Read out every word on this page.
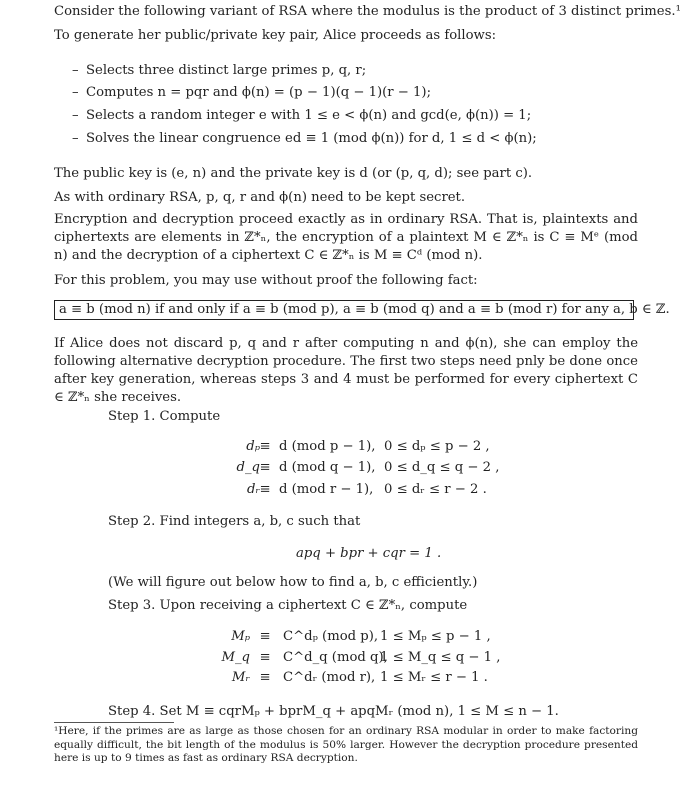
Consider the following variant of RSA where the modulus is the product of 3 distinct primes.¹
To generate her public/private key pair, Alice proceeds as follows:
– Selects three distinct large primes p, q, r;
– Computes n = pqr and ϕ(n) = (p − 1)(q − 1)(r − 1);
– Selects a random integer e with 1 ≤ e < ϕ(n) and gcd(e, ϕ(n)) = 1;
– Solves the linear congruence ed ≡ 1 (mod ϕ(n)) for d, 1 ≤ d < ϕ(n);
The public key is (e, n) and the private key is d (or (p, q, d); see part c).
As with ordinary RSA, p, q, r and ϕ(n) need to be kept secret.
Encryption and decryption proceed exactly as in ordinary RSA. That is, plaintexts and ciphertexts are elements in ℤ*ₙ, the encryption of a plaintext M ∈ ℤ*ₙ is C ≡ Mᵉ (mod n) and the decryption of a ciphertext C ∈ ℤ*ₙ is M ≡ Cᵈ (mod n).
For this problem, you may use without proof the following fact:
a ≡ b (mod n) if and only if a ≡ b (mod p), a ≡ b (mod q) and a ≡ b (mod r) for any a, b ∈ ℤ.
If Alice does not discard p, q and r after computing n and ϕ(n), she can employ the following alternative decryption procedure. The first two steps need pnly be done once after key generation, whereas steps 3 and 4 must be performed for every ciphertext C ∈ ℤ*ₙ she receives.
Step 1. Compute
dₚ ≡ d (mod p − 1), 0 ≤ dₚ ≤ p − 2 ,
d_q ≡ d (mod q − 1), 0 ≤ d_q ≤ q − 2 ,
dᵣ ≡ d (mod r − 1), 0 ≤ dᵣ ≤ r − 2 .
Step 2. Find integers a, b, c such that
apq + bpr + cqr = 1 .
(We will figure out below how to find a, b, c efficiently.)
Step 3. Upon receiving a ciphertext C ∈ ℤ*ₙ, compute
Mₚ ≡ C^dₚ (mod p), 1 ≤ Mₚ ≤ p − 1 ,
M_q ≡ C^d_q (mod q),
1 ≤ M_q ≤ q − 1 ,
Mᵣ ≡ C^dᵣ (mod r), 1 ≤ Mᵣ ≤ r − 1 .
Step 4. Set M ≡ cqrMₚ + bprM_q + apqMᵣ (mod n), 1 ≤ M ≤ n − 1.
¹Here, if the primes are as large as those chosen for an ordinary RSA modular in order to make factoring equally difficult, the bit length of the modulus is 50% larger. However the decryption procedure presented here is up to 9 times as fast as ordinary RSA decryption.
